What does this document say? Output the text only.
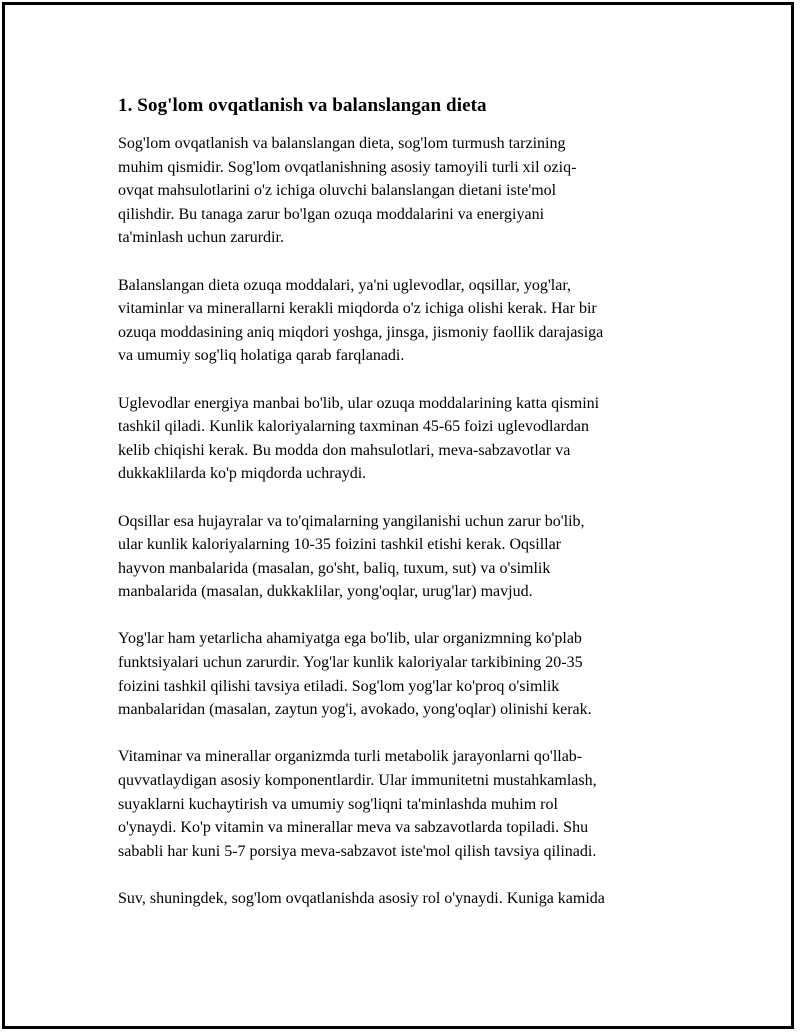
1. Sog'lom ovqatlanish va balanslangan dieta

Sog'lom ovqatlanish va balanslangan dieta, sog'lom turmush tarzining
muhim qismidir. Sog'lom ovqatlanishning asosiy tamoyili turli xil oziq-
ovqat mahsulotlarini o'z ichiga oluvchi balanslangan dietani iste'mol
qilishdir. Bu tanaga zarur bo'lgan ozuqa moddalarini va energiyani
ta'minlash uchun zarurdir.

Balanslangan dieta ozuqa moddalari, ya'ni uglevodlar, oqsillar, yog'lar,
vitaminlar va minerallarni kerakli miqdorda o'z ichiga olishi kerak. Har bir
ozuqa moddasining aniq miqdori yoshga, jinsga, jismoniy faollik darajasiga
va umumiy sog'liq holatiga qarab farqlanadi.

Uglevodlar energiya manbai bo'lib, ular ozuqa moddalarining katta qismini
tashkil qiladi. Kunlik kaloriyalarning taxminan 45-65 foizi uglevodlardan
kelib chiqishi kerak. Bu modda don mahsulotlari, meva-sabzavotlar va
dukkaklilarda ko'p miqdorda uchraydi.

Oqsillar esa hujayralar va to'qimalarning yangilanishi uchun zarur bo'lib,
ular kunlik kaloriyalarning 10-35 foizini tashkil etishi kerak. Oqsillar
hayvon manbalarida (masalan, go'sht, baliq, tuxum, sut) va o'simlik
manbalarida (masalan, dukkaklilar, yong'oqlar, urug'lar) mavjud.

Yog'lar ham yetarlicha ahamiyatga ega bo'lib, ular organizmning ko'plab
funktsiyalari uchun zarurdir. Yog'lar kunlik kaloriyalar tarkibining 20-35
foizini tashkil qilishi tavsiya etiladi. Sog'lom yog'lar ko'proq o'simlik
manbalaridan (masalan, zaytun yog'i, avokado, yong'oqlar) olinishi kerak.

Vitaminar va minerallar organizmda turli metabolik jarayonlarni qo'llab-
quvvatlaydigan asosiy komponentlardir. Ular immunitetni mustahkamlash,
suyaklarni kuchaytirish va umumiy sog'liqni ta'minlashda muhim rol
o'ynaydi. Ko'p vitamin va minerallar meva va sabzavotlarda topiladi. Shu
sababli har kuni 5-7 porsiya meva-sabzavot iste'mol qilish tavsiya qilinadi.

Suv, shuningdek, sog'lom ovqatlanishda asosiy rol o'ynaydi. Kuniga kamida
